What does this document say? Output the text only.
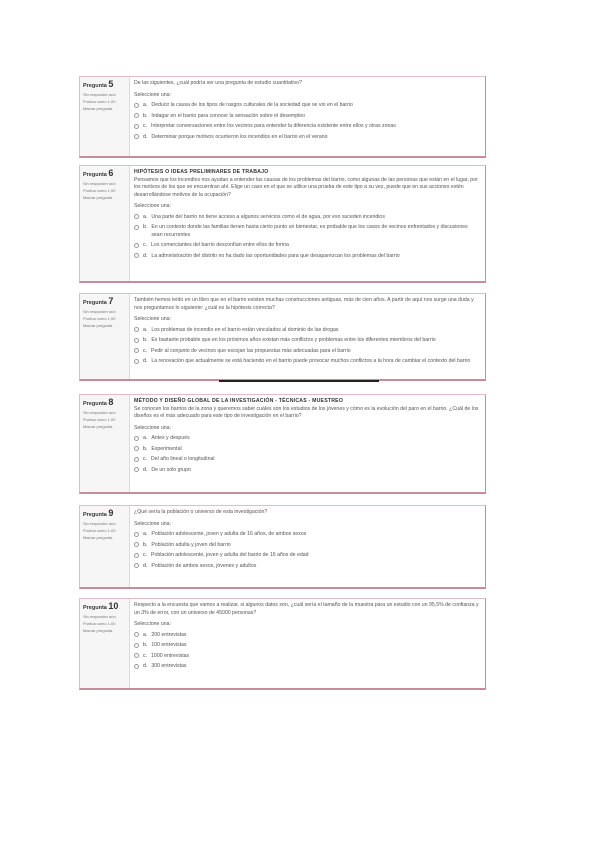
Pregunta 5
Sin responder aún
Puntúa como 1,00
Marcar pregunta
De las siguientes, ¿cuál podría ser una pregunta de estudio cuantitativo?
Seleccione una:
a. Deducir la causa de los tipos de rasgos culturales de la sociedad que se vio en el barrio
b. Indagar en el barrio para conocer la sensación sobre el desempleo
c. Interpretar conversaciones entre los vecinos para entender la diferencia existente entre ellos y otras zonas
d. Determinar porque motivos ocurrieron los incendios en el barrio en el verano
Pregunta 6
Sin responder aún
Puntúa como 1,00
Marcar pregunta
HIPÓTESIS O IDEAS PRELIMINARES DE TRABAJO
Pensamos que los incendios nos ayudan a entender las causas de los problemas del barrio, como algunas de las personas que están en el lugar, por los motivos de los que se encuentran ahí. Elige un caso en el que se utilice una prueba de este tipo a su vez, puede que en sus acciones estén desarrollándose motivos de la ocupación?
Seleccione una:
a. Una parte del barrio no tiene acceso a algunos servicios como el de agua, por eso suceden incendios
b. En un contexto donde las familias tienen hasta cierto punto un bienestar, es probable que los casos de vecinos enfrentados y discusiones sean recurrentes
c. Los comerciantes del barrio desconfían entre ellos de forma
d. La administración del distrito no ha dado las oportunidades para que desaparezcan los problemas del barrio
Pregunta 7
Sin responder aún
Puntúa como 1,00
Marcar pregunta
También hemos leído en un libro que en el barrio existen muchas construcciones antiguas, más de cien años. A partir de aquí nos surge una duda y nos preguntamos lo siguiente: ¿cuál es la hipótesis correcta?
Seleccione una:
a. Los problemas de incendio en el barrio están vinculados al dominio de las drogas
b. Es bastante probable que en los próximos años existan más conflictos y problemas entre los diferentes miembros del barrio
c. Pedir al conjunto de vecinos que escojan las propuestas más adecuadas para el barrio
d. La renovación que actualmente se está haciendo en el barrio puede provocar muchos conflictos a la hora de cambiar el contexto del barrio
Pregunta 8
Sin responder aún
Puntúa como 1,00
Marcar pregunta
MÉTODO Y DISEÑO GLOBAL DE LA INVESTIGACIÓN - TÉCNICAS - MUESTREO
Se conocen los barrios de la zona y queremos saber cuáles son los estudios de los jóvenes y cómo es la evolución del paro en el barrio. ¿Cuál de los diseños es el más adecuado para este tipo de investigación en el barrio?
Seleccione una:
a. Antes y después
b. Experimental
c. Del año lineal o longitudinal
d. De un solo grupo
Pregunta 9
Sin responder aún
Puntúa como 1,00
Marcar pregunta
¿Qué sería la población o universo de esta investigación?
Seleccione una:
a. Población adolescente, joven y adulta de 16 años, de ambos sexos
b. Población adulta y joven del barrio
c. Población adolescente, joven y adulta del barrio de 16 años de edad
d. Población de ambos sexos, jóvenes y adultos
Pregunta 10
Sin responder aún
Puntúa como 1,00
Marcar pregunta
Respecto a la encuesta que vamos a realizar, si algunos datos son, ¿cuál sería el tamaño de la muestra para un estudio con un 95,5% de confianza y un 3% de error, con un universo de 45000 personas?
Seleccione una:
a. 200 entrevistas
b. 100 entrevistas
c. 1000 entrevistas
d. 300 entrevistas
